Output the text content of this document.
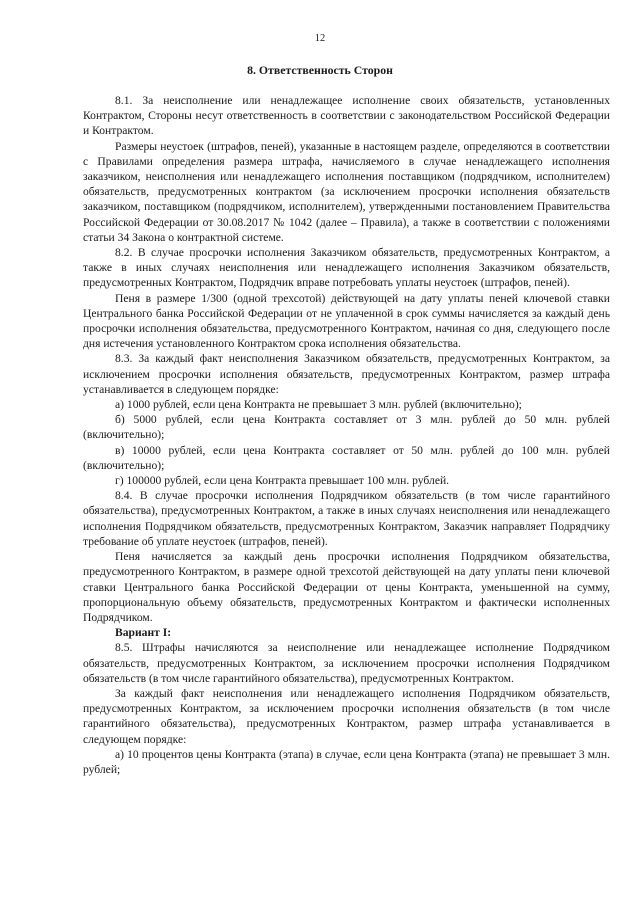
12
8. Ответственность Сторон

8.1. За неисполнение или ненадлежащее исполнение своих обязательств, установленных Контрактом, Стороны несут ответственность в соответствии с законодательством Российской Федерации и Контрактом.

Размеры неустоек (штрафов, пеней), указанные в настоящем разделе, определяются в соответствии с Правилами определения размера штрафа, начисляемого в случае ненадлежащего исполнения заказчиком, неисполнения или ненадлежащего исполнения поставщиком (подрядчиком, исполнителем) обязательств, предусмотренных контрактом (за исключением просрочки исполнения обязательств заказчиком, поставщиком (подрядчиком, исполнителем), утвержденными постановлением Правительства Российской Федерации от 30.08.2017 № 1042 (далее – Правила), а также в соответствии с положениями статьи 34 Закона о контрактной системе.

8.2. В случае просрочки исполнения Заказчиком обязательств, предусмотренных Контрактом, а также в иных случаях неисполнения или ненадлежащего исполнения Заказчиком обязательств, предусмотренных Контрактом, Подрядчик вправе потребовать уплаты неустоек (штрафов, пеней).

Пеня в размере 1/300 (одной трехсотой) действующей на дату уплаты пеней ключевой ставки Центрального банка Российской Федерации от не уплаченной в срок суммы начисляется за каждый день просрочки исполнения обязательства, предусмотренного Контрактом, начиная со дня, следующего после дня истечения установленного Контрактом срока исполнения обязательства.

8.3. За каждый факт неисполнения Заказчиком обязательств, предусмотренных Контрактом, за исключением просрочки исполнения обязательств, предусмотренных Контрактом, размер штрафа устанавливается в следующем порядке:

а) 1000 рублей, если цена Контракта не превышает 3 млн. рублей (включительно);

б) 5000 рублей, если цена Контракта составляет от 3 млн. рублей до 50 млн. рублей (включительно);

в) 10000 рублей, если цена Контракта составляет от 50 млн. рублей до 100 млн. рублей (включительно);

г) 100000 рублей, если цена Контракта превышает 100 млн. рублей.

8.4. В случае просрочки исполнения Подрядчиком обязательств (в том числе гарантийного обязательства), предусмотренных Контрактом, а также в иных случаях неисполнения или ненадлежащего исполнения Подрядчиком обязательств, предусмотренных Контрактом, Заказчик направляет Подрядчику требование об уплате неустоек (штрафов, пеней).

Пеня начисляется за каждый день просрочки исполнения Подрядчиком обязательства, предусмотренного Контрактом, в размере одной трехсотой действующей на дату уплаты пени ключевой ставки Центрального банка Российской Федерации от цены Контракта, уменьшенной на сумму, пропорциональную объему обязательств, предусмотренных Контрактом и фактически исполненных Подрядчиком.

Вариант I:

8.5. Штрафы начисляются за неисполнение или ненадлежащее исполнение Подрядчиком обязательств, предусмотренных Контрактом, за исключением просрочки исполнения Подрядчиком обязательств (в том числе гарантийного обязательства), предусмотренных Контрактом.

За каждый факт неисполнения или ненадлежащего исполнения Подрядчиком обязательств, предусмотренных Контрактом, за исключением просрочки исполнения обязательств (в том числе гарантийного обязательства), предусмотренных Контрактом, размер штрафа устанавливается в следующем порядке:

а) 10 процентов цены Контракта (этапа) в случае, если цена Контракта (этапа) не превышает 3 млн. рублей;
